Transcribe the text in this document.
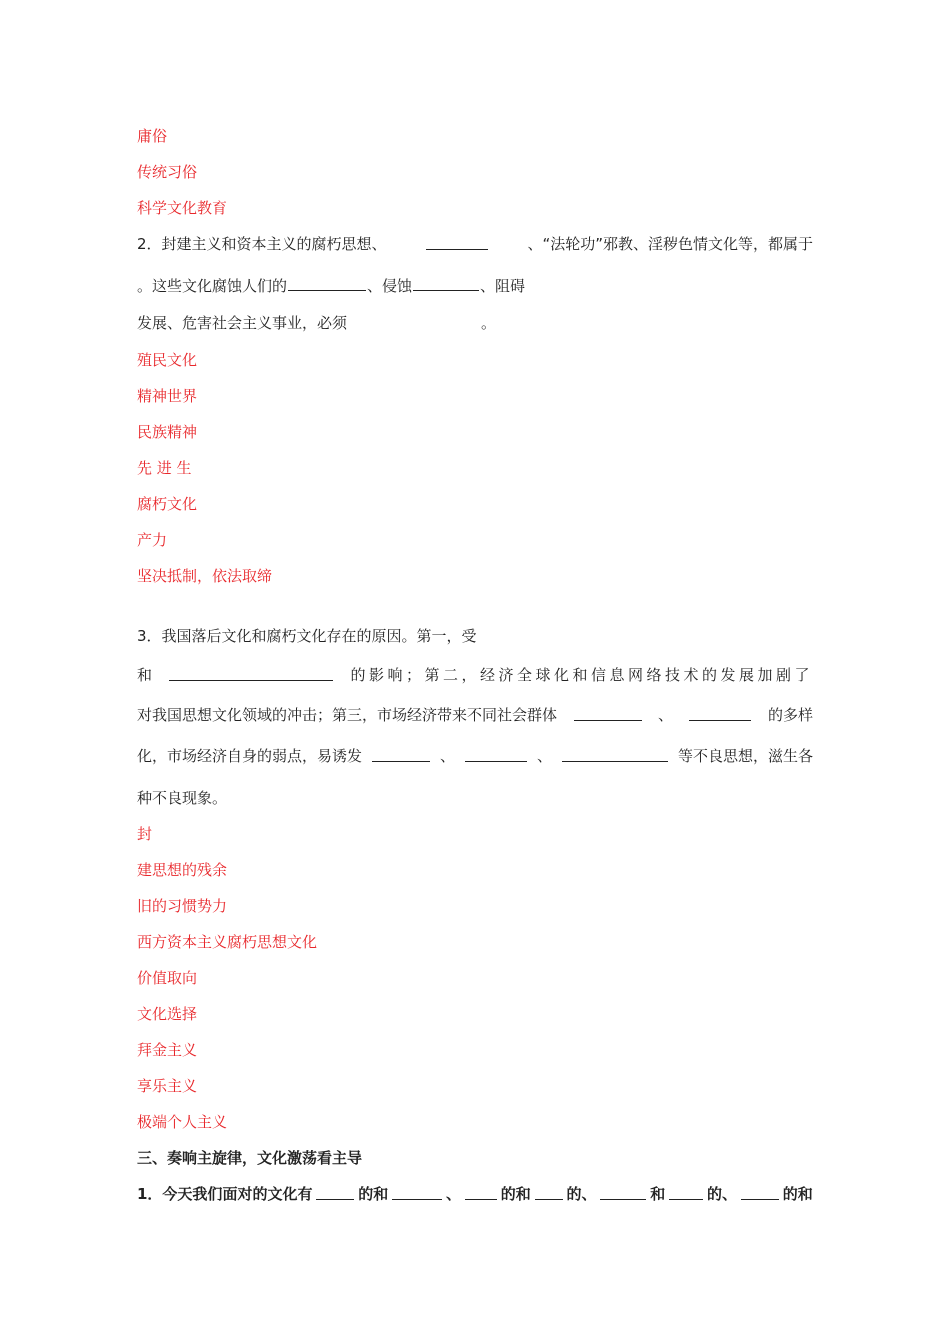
庸俗
传统习俗
科学文化教育
2．封建主义和资本主义的腐朽思想、	、“法轮功”邪教、淫秽色情文化等，都属于
。这些文化腐蚀人们的	、侵蚀	、阻碍
发展、危害社会主义事业，必须	。
殖民文化
精神世界
民族精神
先 进 生
腐朽文化
产力
坚决抵制，依法取缔
3．我国落后文化和腐朽文化存在的原因。第一，受
和	的影响；第二，经济全球化和信息网络技术的发展加剧了
对我国思想文化领域的冲击；第三，市场经济带来不同社会群体	、	的多样
化，市场经济自身的弱点，易诱发	、	、	等不良思想，滋生各
种不良现象。
封
建思想的残余
旧的习惯势力
西方资本主义腐朽思想文化
价值取向
文化选择
拜金主义
享乐主义
极端个人主义
三、奏响主旋律，文化激荡看主导
1．今天我们面对的文化有	的和	、	的和 的、	和	的、	的和
